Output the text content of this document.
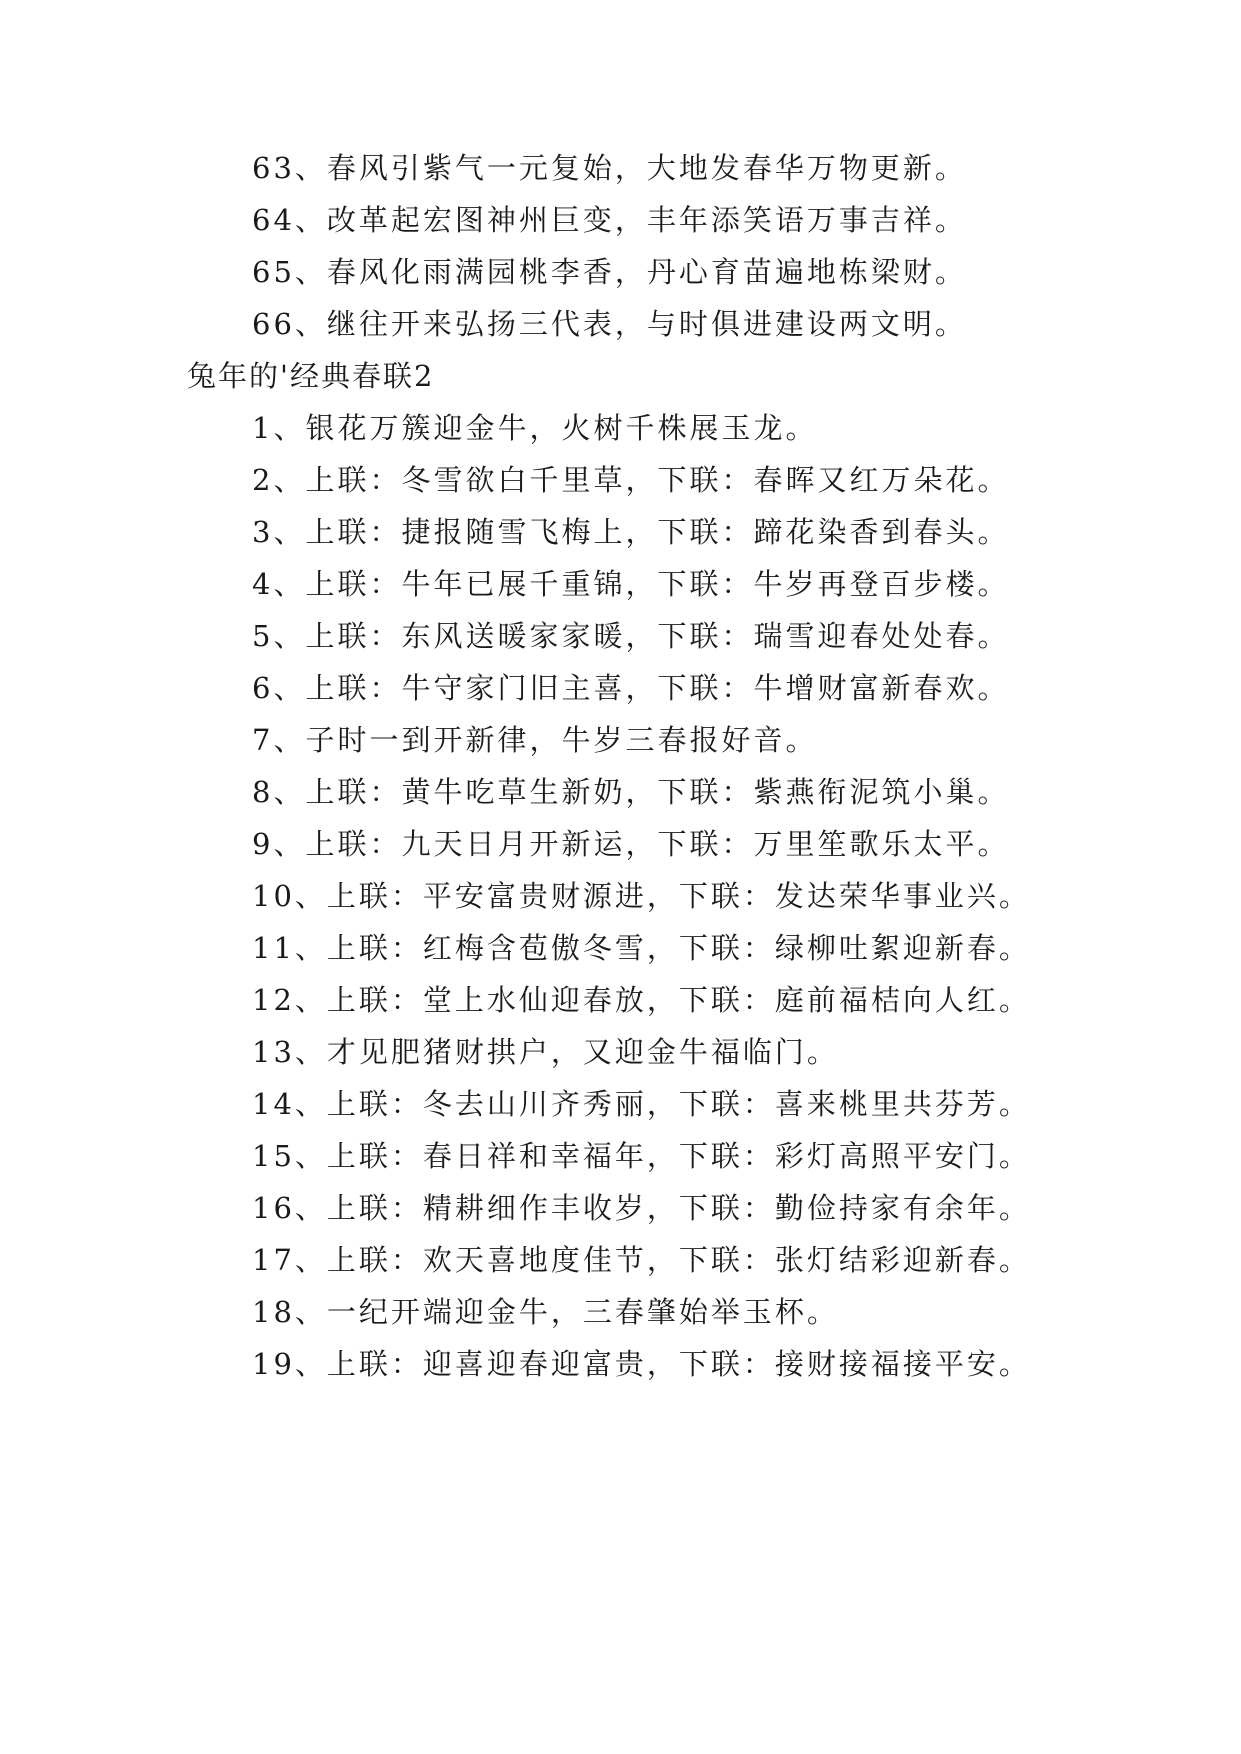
63、春风引紫气一元复始，大地发春华万物更新。
64、改革起宏图神州巨变，丰年添笑语万事吉祥。
65、春风化雨满园桃李香，丹心育苗遍地栋梁财。
66、继往开来弘扬三代表，与时俱进建设两文明。
兔年的'经典春联2
1、银花万簇迎金牛，火树千株展玉龙。
2、上联：冬雪欲白千里草，下联：春晖又红万朵花。
3、上联：捷报随雪飞梅上，下联：蹄花染香到春头。
4、上联：牛年已展千重锦，下联：牛岁再登百步楼。
5、上联：东风送暖家家暖，下联：瑞雪迎春处处春。
6、上联：牛守家门旧主喜，下联：牛增财富新春欢。
7、子时一到开新律，牛岁三春报好音。
8、上联：黄牛吃草生新奶，下联：紫燕衔泥筑小巢。
9、上联：九天日月开新运，下联：万里笙歌乐太平。
10、上联：平安富贵财源进，下联：发达荣华事业兴。
11、上联：红梅含苞傲冬雪，下联：绿柳吐絮迎新春。
12、上联：堂上水仙迎春放，下联：庭前福桔向人红。
13、才见肥猪财拱户，又迎金牛福临门。
14、上联：冬去山川齐秀丽，下联：喜来桃里共芬芳。
15、上联：春日祥和幸福年，下联：彩灯高照平安门。
16、上联：精耕细作丰收岁，下联：勤俭持家有余年。
17、上联：欢天喜地度佳节，下联：张灯结彩迎新春。
18、一纪开端迎金牛，三春肇始举玉杯。
19、上联：迎喜迎春迎富贵，下联：接财接福接平安。
